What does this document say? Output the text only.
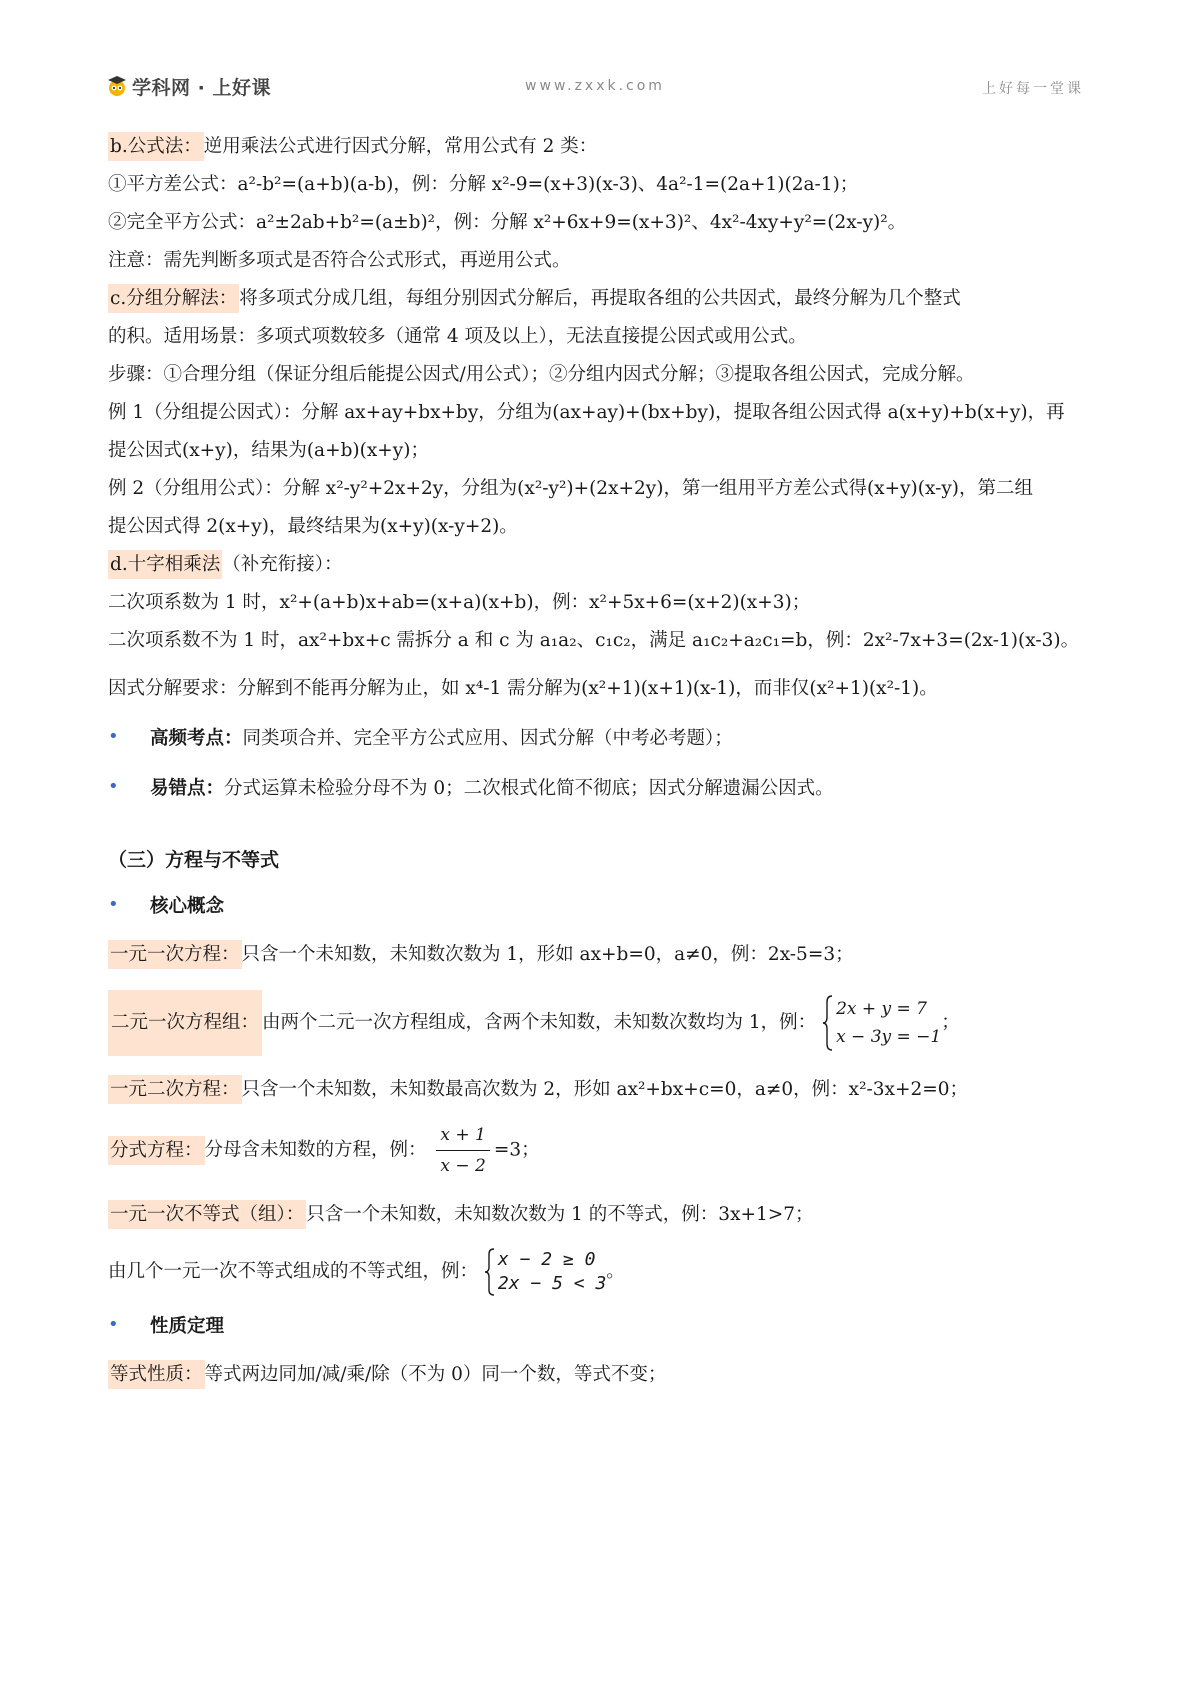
学科网 · 上好课	www.zxxk.com	上好每一堂课
b.公式法： 逆用乘法公式进行因式分解，常用公式有 2 类：
①平方差公式：a²-b²=(a+b)(a-b)，例：分解 x²-9=(x+3)(x-3)、4a²-1=(2a+1)(2a-1)；
②完全平方公式：a²±2ab+b²=(a±b)²，例：分解 x²+6x+9=(x+3)²、4x²-4xy+y²=(2x-y)²。
注意：需先判断多项式是否符合公式形式，再逆用公式。
c.分组分解法： 将多项式分成几组，每组分别因式分解后，再提取各组的公共因式，最终分解为几个整式
的积。适用场景：多项式项数较多（通常 4 项及以上），无法直接提公因式或用公式。
步骤：①合理分组（保证分组后能提公因式/用公式）；②分组内因式分解；③提取各组公因式，完成分解。
例 1（分组提公因式）：分解 ax+ay+bx+by，分组为(ax+ay)+(bx+by)，提取各组公因式得 a(x+y)+b(x+y)，再
提公因式(x+y)，结果为(a+b)(x+y)；
例 2（分组用公式）：分解 x²-y²+2x+2y，分组为(x²-y²)+(2x+2y)，第一组用平方差公式得(x+y)(x-y)，第二组
提公因式得 2(x+y)，最终结果为(x+y)(x-y+2)。
d.十字相乘法 （补充衔接）：
二次项系数为 1 时，x²+(a+b)x+ab=(x+a)(x+b)，例：x²+5x+6=(x+2)(x+3)；
二次项系数不为 1 时，ax²+bx+c 需拆分 a 和 c 为 a₁a₂、c₁c₂，满足 a₁c₂+a₂c₁=b，例：2x²-7x+3=(2x-1)(x-3)。
因式分解要求：分解到不能再分解为止，如 x⁴-1 需分解为(x²+1)(x+1)(x-1)，而非仅(x²+1)(x²-1)。
• 高频考点：同类项合并、完全平方公式应用、因式分解（中考必考题）；
• 易错点：分式运算未检验分母不为 0；二次根式化简不彻底；因式分解遗漏公因式。
（三）方程与不等式
• 核心概念
一元一次方程： 只含一个未知数，未知数次数为 1，形如 ax+b=0，a≠0，例：2x-5=3；
二元一次方程组： 由两个二元一次方程组成，含两个未知数，未知数次数均为 1，例：
2x + y = 7
x − 3y = −1
；
一元二次方程： 只含一个未知数，未知数最高次数为 2，形如 ax²+bx+c=0，a≠0，例：x²-3x+2=0；
分式方程： 分母含未知数的方程，例： $\frac{x + 1}{x - 2} =3$；
一元一次不等式（组）： 只含一个未知数，未知数次数为 1 的不等式，例：3x+1>7；
由几个一元一次不等式组成的不等式组，例：
x − 2 ≥ 0
2x − 5 < 3
。
• 性质定理
等式性质： 等式两边同加/减/乘/除（不为 0）同一个数，等式不变；
